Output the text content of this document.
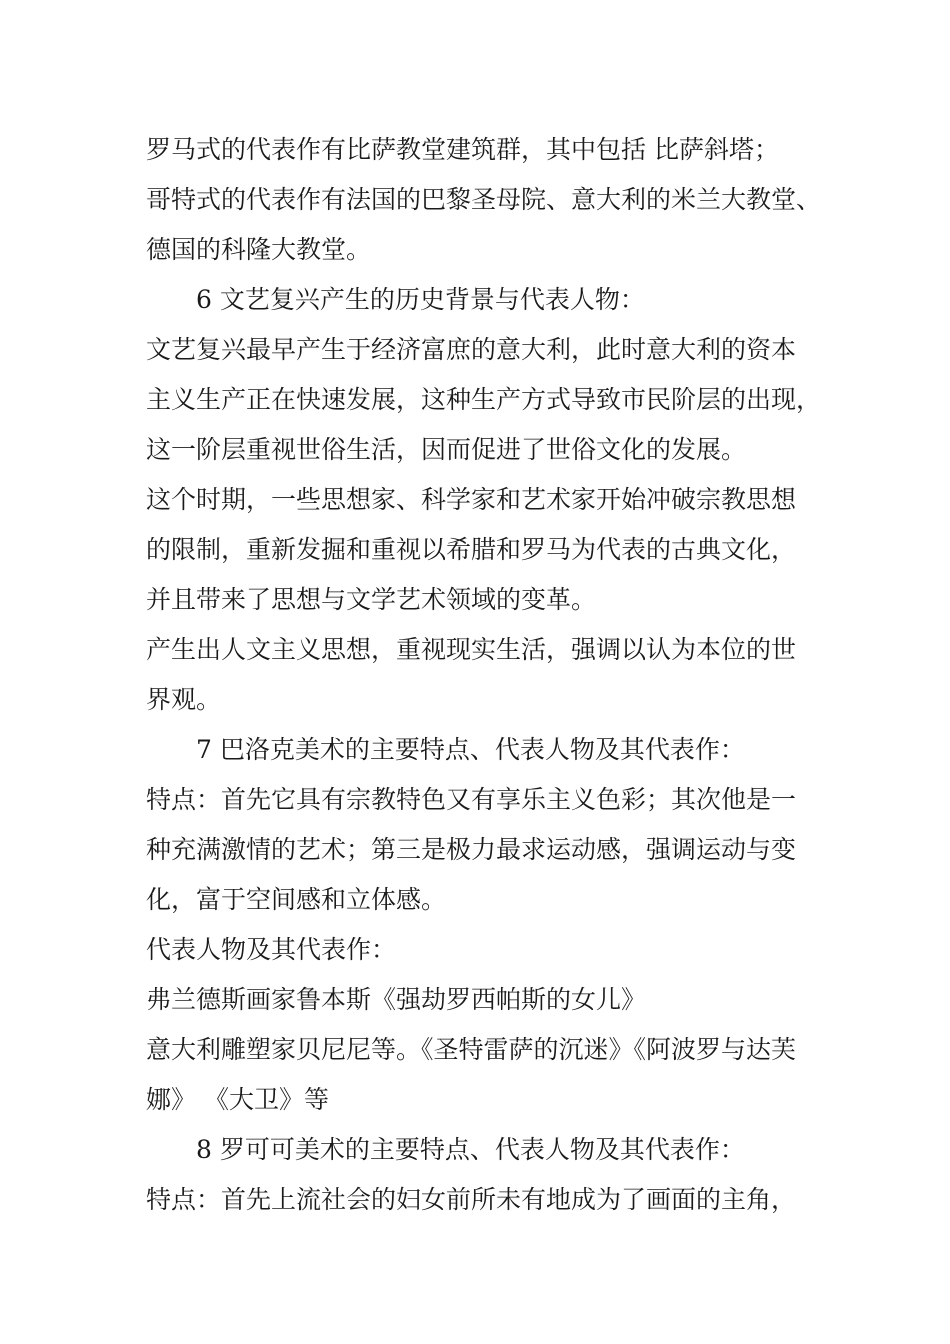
罗马式的代表作有比萨教堂建筑群，其中包括 比萨斜塔；
哥特式的代表作有法国的巴黎圣母院、意大利的米兰大教堂、
德国的科隆大教堂。
6 文艺复兴产生的历史背景与代表人物：
文艺复兴最早产生于经济富庶的意大利，此时意大利的资本
主义生产正在快速发展，这种生产方式导致市民阶层的出现，
这一阶层重视世俗生活，因而促进了世俗文化的发展。
这个时期，一些思想家、科学家和艺术家开始冲破宗教思想
的限制，重新发掘和重视以希腊和罗马为代表的古典文化，
并且带来了思想与文学艺术领域的变革。
产生出人文主义思想，重视现实生活，强调以认为本位的世
界观。
7 巴洛克美术的主要特点、代表人物及其代表作：
特点：首先它具有宗教特色又有享乐主义色彩；其次他是一
种充满激情的艺术；第三是极力最求运动感，强调运动与变
化，富于空间感和立体感。
代表人物及其代表作：
弗兰德斯画家鲁本斯《强劫罗西帕斯的女儿》
意大利雕塑家贝尼尼等。《圣特雷萨的沉迷》《阿波罗与达芙
娜》 《大卫》等
8 罗可可美术的主要特点、代表人物及其代表作：
特点：首先上流社会的妇女前所未有地成为了画面的主角，
